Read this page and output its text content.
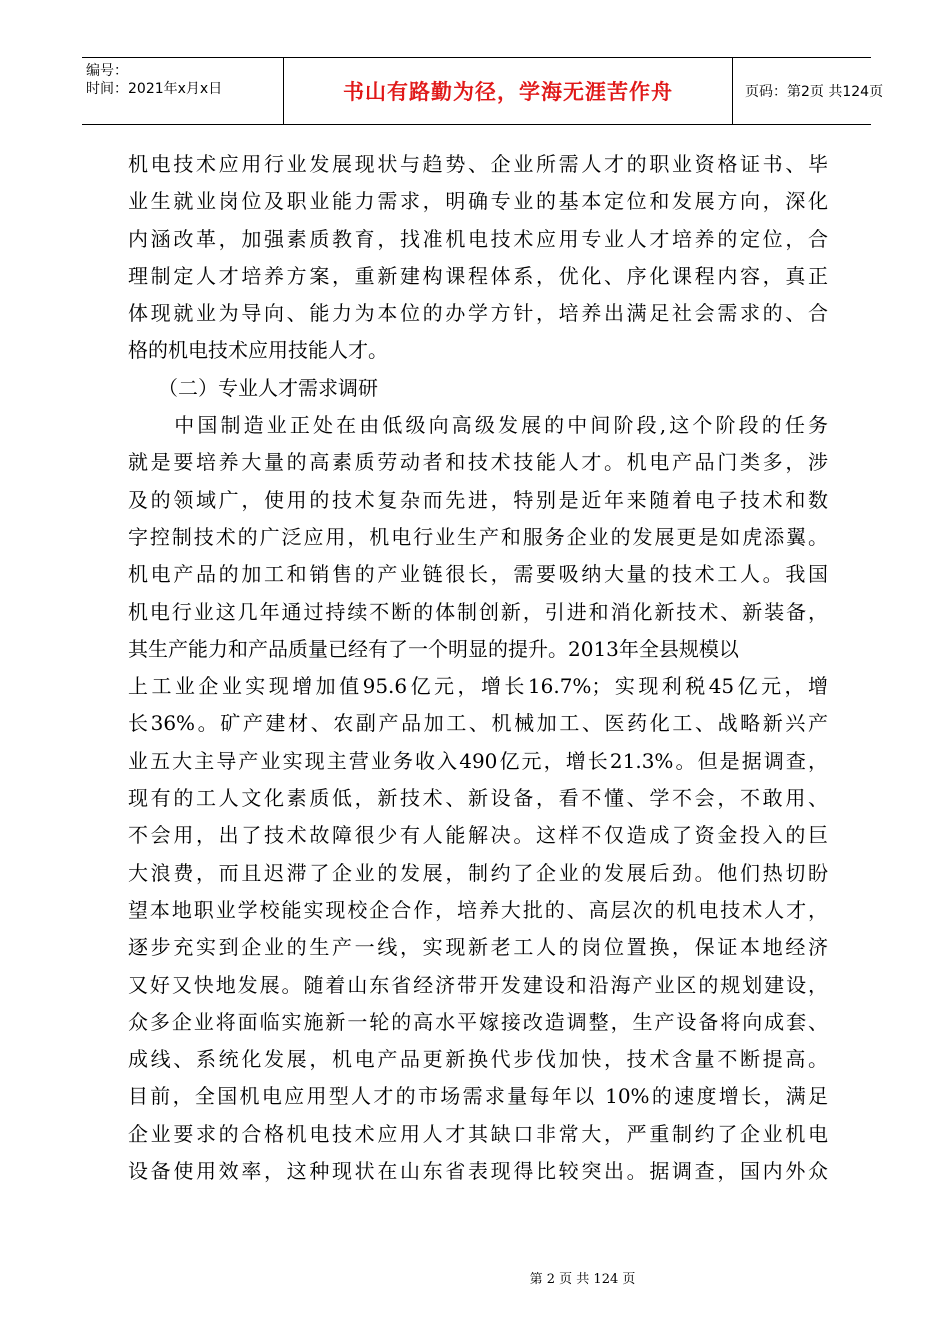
编号：
时间：2021年x月x日	书山有路勤为径，学海无涯苦作舟	页码：第2页 共124页
机电技术应用行业发展现状与趋势、企业所需人才的职业资格证书、毕
业生就业岗位及职业能力需求，明确专业的基本定位和发展方向，深化
内涵改革，加强素质教育，找准机电技术应用专业人才培养的定位，合
理制定人才培养方案，重新建构课程体系，优化、序化课程内容，真正
体现就业为导向、能力为本位的办学方针，培养出满足社会需求的、合
格的机电技术应用技能人才。
　　（二）专业人才需求调研
　　中国制造业正处在由低级向高级发展的中间阶段,这个阶段的任务
就是要培养大量的高素质劳动者和技术技能人才。机电产品门类多，涉
及的领域广，使用的技术复杂而先进，特别是近年来随着电子技术和数
字控制技术的广泛应用，机电行业生产和服务企业的发展更是如虎添翼。
机电产品的加工和销售的产业链很长，需要吸纳大量的技术工人。我国
机电行业这几年通过持续不断的体制创新，引进和消化新技术、新装备，
其生产能力和产品质量已经有了一个明显的提升。2013年全县规模以
上工业企业实现增加值95.6亿元，增长16.7%；实现利税45亿元，增
长36%。矿产建材、农副产品加工、机械加工、医药化工、战略新兴产
业五大主导产业实现主营业务收入490亿元，增长21.3%。但是据调查，
现有的工人文化素质低，新技术、新设备，看不懂、学不会，不敢用、
不会用，出了技术故障很少有人能解决。这样不仅造成了资金投入的巨
大浪费，而且迟滞了企业的发展，制约了企业的发展后劲。他们热切盼
望本地职业学校能实现校企合作，培养大批的、高层次的机电技术人才，
逐步充实到企业的生产一线，实现新老工人的岗位置换，保证本地经济
又好又快地发展。随着山东省经济带开发建设和沿海产业区的规划建设，
众多企业将面临实施新一轮的高水平嫁接改造调整，生产设备将向成套、
成线、系统化发展，机电产品更新换代步伐加快，技术含量不断提高。
目前，全国机电应用型人才的市场需求量每年以 10%的速度增长，满足
企业要求的合格机电技术应用人才其缺口非常大，严重制约了企业机电
设备使用效率，这种现状在山东省表现得比较突出。据调查，国内外众
第 2 页 共 124 页
